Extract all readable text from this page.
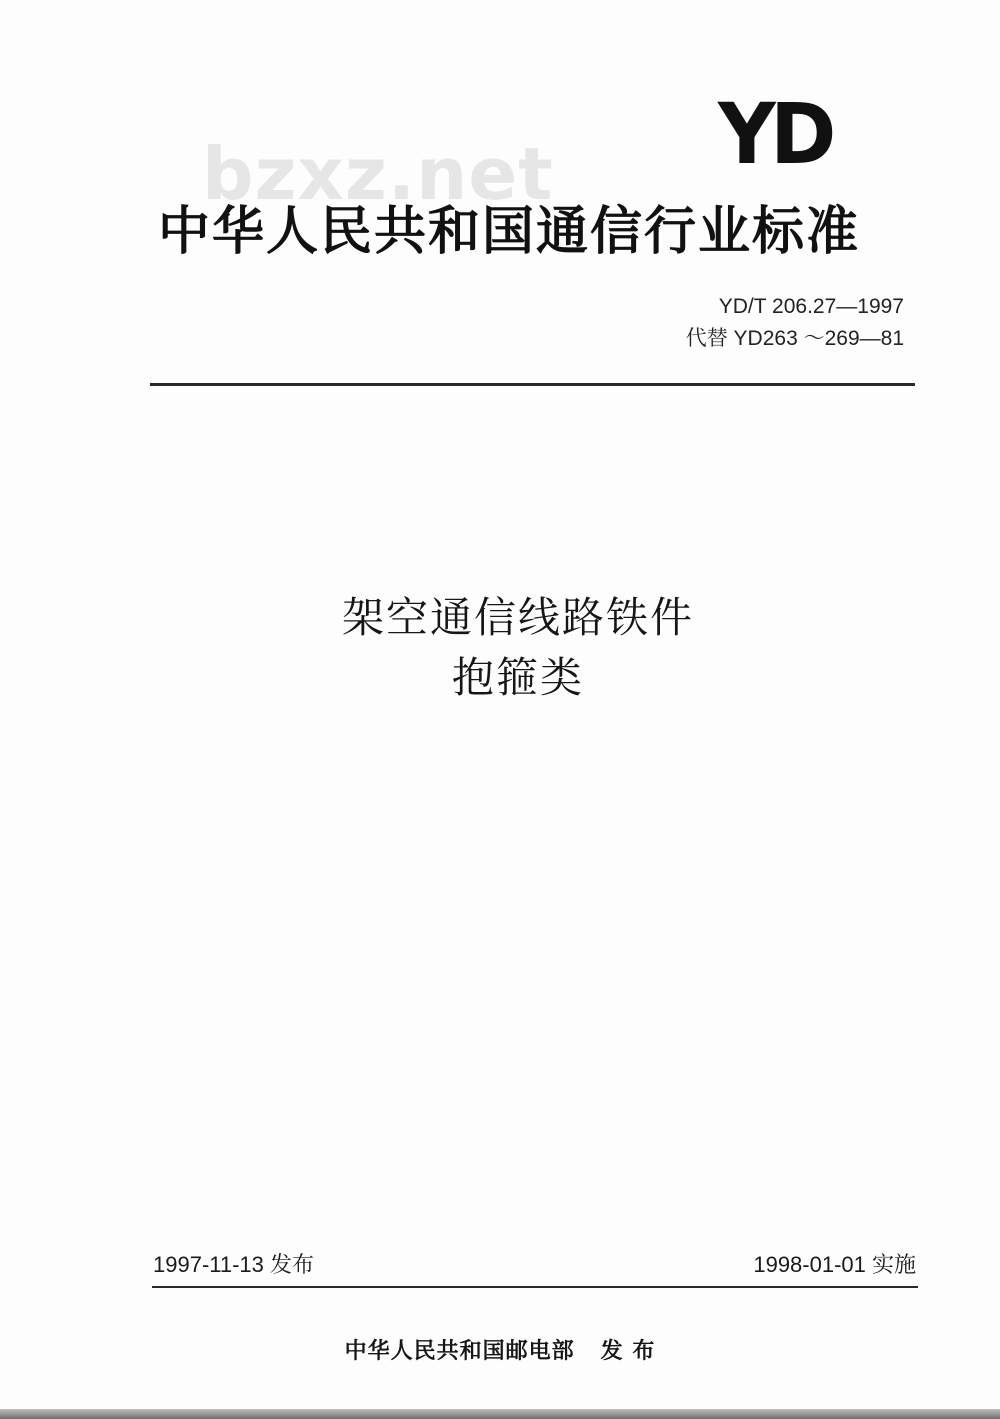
bzxz.net YD
中华人民共和国通信行业标准
YD/T 206.27—1997
代替 YD263 ～269—81
架空通信线路铁件
抱箍类
1997-11-13 发布	1998-01-01 实施
中华人民共和国邮电部 发 布
